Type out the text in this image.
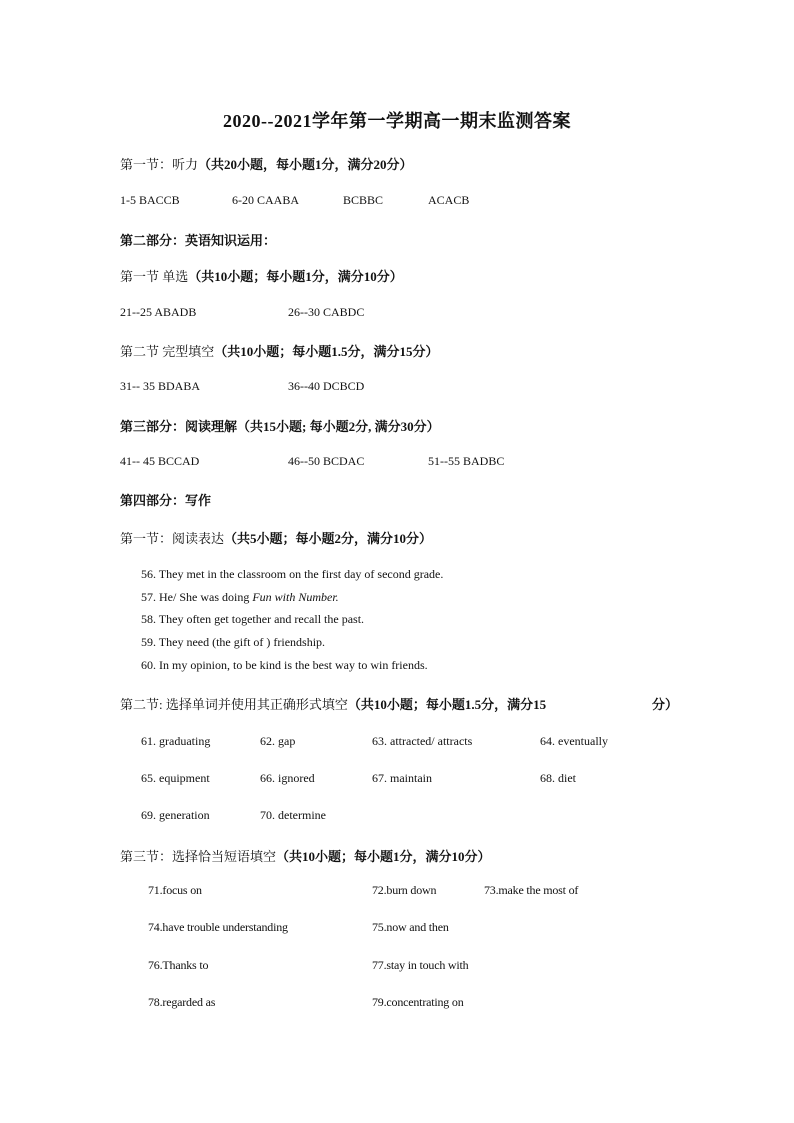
2020--2021学年第一学期高一期末监测答案
第一节：听力（共20小题，每小题1分，满分20分）
1-5 BACCB	6-20 CAABA	BCBBC	ACACB
第二部分：英语知识运用：
第一节 单选（共10小题；每小题1分，满分10分）
21--25 ABADB	26--30 CABDC
第二节 完型填空（共10小题；每小题1.5分，满分15分）
31-- 35 BDABA	36--40 DCBCD
第三部分：阅读理解（共15小题; 每小题2分, 满分30分）
41-- 45 BCCAD	46--50 BCDAC	51--55 BADBC
第四部分：写作
第一节：阅读表达（共5小题；每小题2分，满分10分）
56. They met in the classroom on the first day of second grade.
57. He/ She was doing Fun with Number.
58. They often get together and recall the past.
59. They need (the gift of ) friendship.
60. In my opinion, to be kind is the best way to win friends.
第二节: 选择单词并使用其正确形式填空（共10小题；每小题1.5分，满分15	分）
61. graduating	62. gap	63. attracted/ attracts	64. eventually
65. equipment	66. ignored	67. maintain	68. diet
69. generation	70. determine
第三节：选择恰当短语填空（共10小题；每小题1分，满分10分）
71.focus on	72.burn down	73.make the most of
74.have trouble understanding	75.now and then
76.Thanks to	77.stay in touch with
78.regarded as	79.concentrating on
